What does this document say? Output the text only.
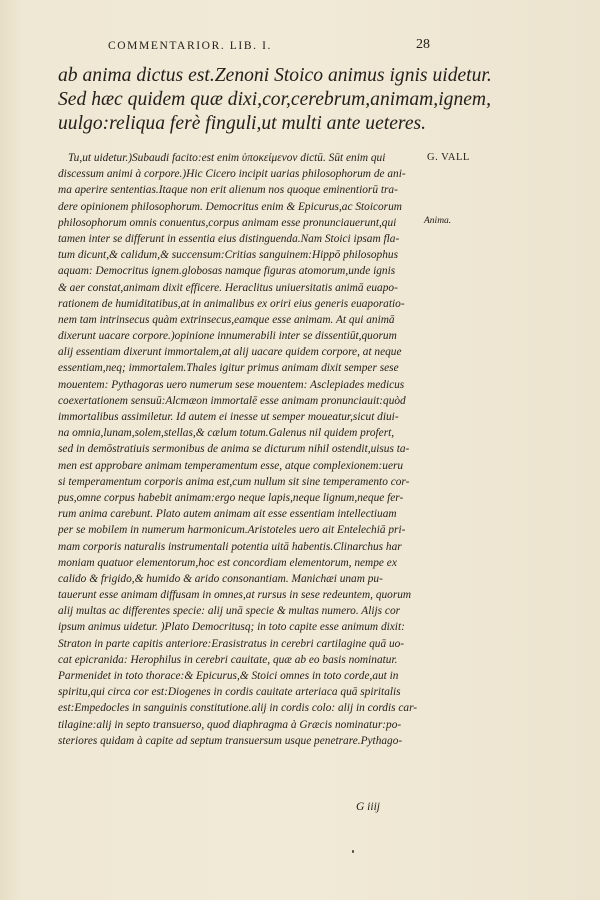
COMMENTARIOR. LIB. I.	28
ab anima dictus est.Zenoni Stoico animus ignis uidetur.
Sed hæc quidem quæ dixi,cor,cerebrum,animam,ignem,
uulgo:reliqua ferè finguli,ut multi ante ueteres.
G. VALL
Anima.
Tu,ut uidetur.)Subaudi facito:est enim ὑποκείμενον dictū. Sūt enim qui
discessum animi à corpore.)Hic Cicero incipit uarias philosophorum de ani-
ma aperire sententias.Itaque non erit alienum nos quoque eminentiorū tra-
dere opinionem philosophorum. Democritus enim & Epicurus,ac Stoicorum
philosophorum omnis conuentus,corpus animam esse pronunciauerunt,qui
tamen inter se differunt in essentia eius distinguenda.Nam Stoici ipsam fla-
tum dicunt,& calidum,& succensum:Critias sanguinem:Hippō philosophus
aquam: Democritus ignem.globosas namque figuras atomorum,unde ignis
& aer constat,animam dixit efficere. Heraclitus uniuersitatis animā euapo-
rationem de humiditatibus,at in animalibus ex oriri eius generis euaporatio-
nem tam intrinsecus quàm extrinsecus,eamque esse animam. At qui animā
dixerunt uacare corpore.)opinione innumerabili inter se dissentiūt,quorum
alij essentiam dixerunt immortalem,at alij uacare quidem corpore, at neque
essentiam,neq; immortalem.Thales igitur primus animam dixit semper sese
mouentem: Pythagoras uero numerum sese mouentem: Asclepiades medicus
coexertationem sensuū:Alcmæon immortalē esse animam pronunciauit:quòd
immortalibus assimiletur. Id autem ei inesse ut semper moueatur,sicut diui-
na omnia,lunam,solem,stellas,& cælum totum.Galenus nil quidem profert,
sed in demōstratiuis sermonibus de anima se dicturum nihil ostendit,uisus ta-
men est approbare animam temperamentum esse, atque complexionem:ueru
si temperamentum corporis anima est,cum nullum sit sine temperamento cor-
pus,omne corpus habebit animam:ergo neque lapis,neque lignum,neque fer-
rum anima carebunt. Plato autem animam ait esse essentiam intellectiuam
per se mobilem in numerum harmonicum.Aristoteles uero ait Entelechiā pri-
mam corporis naturalis instrumentali potentia uitā habentis.Clinarchus har
moniam quatuor elementorum,hoc est concordiam elementorum, nempe ex
calido & frigido,& humido & arido consonantiam. Manichæi unam pu-
tauerunt esse animam diffusam in omnes,at rursus in sese redeuntem, quorum
alij multas ac differentes specie: alij unā specie & multas numero. Alijs cor
ipsum animus uidetur. )Plato Democritusq; in toto capite esse animum dixit:
Straton in parte capitis anteriore:Erasistratus in cerebri cartilagine quā uo-
cat epicranida: Herophilus in cerebri cauitate, quæ ab eo basis nominatur.
Parmenidet in toto thorace:& Epicurus,& Stoici omnes in toto corde,aut in
spiritu,qui circa cor est:Diogenes in cordis cauitate arteriaca quā spiritalis
est:Empedocles in sanguinis constitutione.alij in cordis colo: alij in cordis car-
tilagine:alij in septo transuerso, quod diaphragma à Græcis nominatur:po-
steriores quidam à capite ad septum transuersum usque penetrare.Pythago-
G iiij
